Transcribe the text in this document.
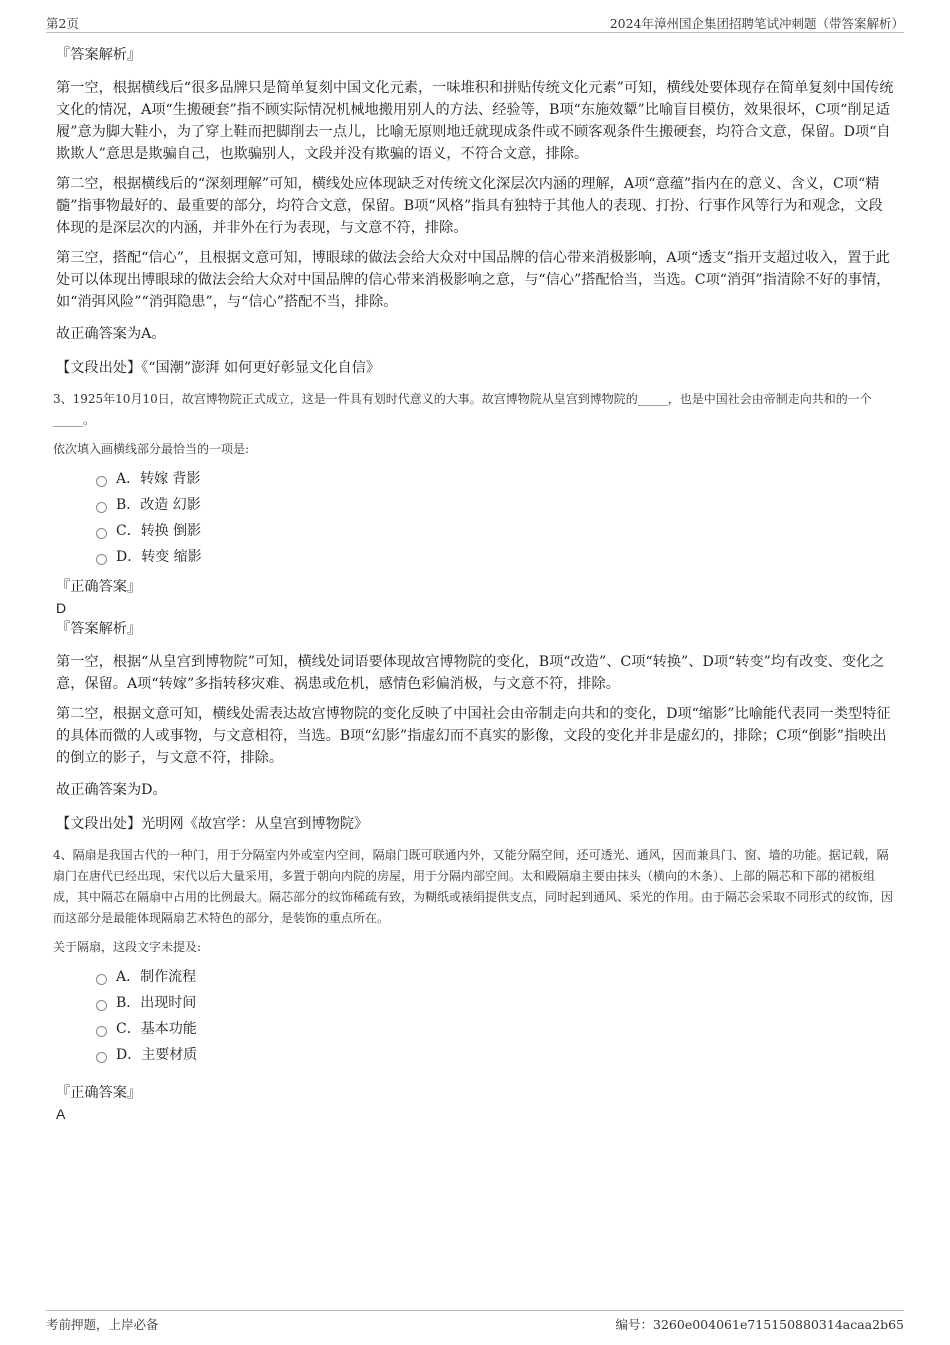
第2页	2024年漳州国企集团招聘笔试冲刺题（带答案解析）

『答案解析』

第一空，根据横线后“很多品牌只是简单复刻中国文化元素，一味堆积和拼贴传统文化元素”可知，横线处要体现存在简单复刻中国传统文化的情况，A项“生搬硬套”指不顾实际情况机械地搬用别人的方法、经验等，B项“东施效颦”比喻盲目模仿，效果很坏，C项“削足适履”意为脚大鞋小，为了穿上鞋而把脚削去一点儿，比喻无原则地迁就现成条件或不顾客观条件生搬硬套，均符合文意，保留。D项“自欺欺人”意思是欺骗自己，也欺骗别人，文段并没有欺骗的语义，不符合文意，排除。

第二空，根据横线后的“深刻理解”可知，横线处应体现缺乏对传统文化深层次内涵的理解，A项“意蕴”指内在的意义、含义，C项“精髓”指事物最好的、最重要的部分，均符合文意，保留。B项“风格”指具有独特于其他人的表现、打扮、行事作风等行为和观念，文段体现的是深层次的内涵，并非外在行为表现，与文意不符，排除。

第三空，搭配“信心”，且根据文意可知，博眼球的做法会给大众对中国品牌的信心带来消极影响，A项“透支”指开支超过收入，置于此处可以体现出博眼球的做法会给大众对中国品牌的信心带来消极影响之意，与“信心”搭配恰当，当选。C项“消弭”指清除不好的事情，如“消弭风险”“消弭隐患”，与“信心”搭配不当，排除。

故正确答案为A。

【文段出处】《“国潮”澎湃 如何更好彰显文化自信》

3、1925年10月10日，故宫博物院正式成立，这是一件具有划时代意义的大事。故宫博物院从皇宫到博物院的_____，也是中国社会由帝制走向共和的一个_____。

依次填入画横线部分最恰当的一项是:

A．转嫁 背影
B．改造 幻影
C．转换 倒影
D．转变 缩影

『正确答案』

D

『答案解析』

第一空，根据“从皇宫到博物院”可知，横线处词语要体现故宫博物院的变化，B项“改造”、C项“转换”、D项“转变”均有改变、变化之意，保留。A项“转嫁”多指转移灾难、祸患或危机，感情色彩偏消极，与文意不符，排除。

第二空，根据文意可知，横线处需表达故宫博物院的变化反映了中国社会由帝制走向共和的变化，D项“缩影”比喻能代表同一类型特征的具体而微的人或事物，与文意相符，当选。B项“幻影”指虚幻而不真实的影像，文段的变化并非是虚幻的，排除；C项“倒影”指映出的倒立的影子，与文意不符，排除。

故正确答案为D。

【文段出处】光明网《故宫学：从皇宫到博物院》

4、隔扇是我国古代的一种门，用于分隔室内外或室内空间，隔扇门既可联通内外，又能分隔空间，还可透光、通风，因而兼具门、窗、墙的功能。据记载，隔扇门在唐代已经出现，宋代以后大量采用，多置于朝向内院的房屋，用于分隔内部空间。太和殿隔扇主要由抹头（横向的木条）、上部的隔芯和下部的裙板组成，其中隔芯在隔扇中占用的比例最大。隔芯部分的纹饰稀疏有致，为糊纸或裱绢提供支点，同时起到通风、采光的作用。由于隔芯会采取不同形式的纹饰，因而这部分是最能体现隔扇艺术特色的部分，是装饰的重点所在。

关于隔扇，这段文字未提及:

A．制作流程
B．出现时间
C．基本功能
D．主要材质

『正确答案』

A

考前押题，上岸必备	编号：3260e004061e715150880314acaa2b65
